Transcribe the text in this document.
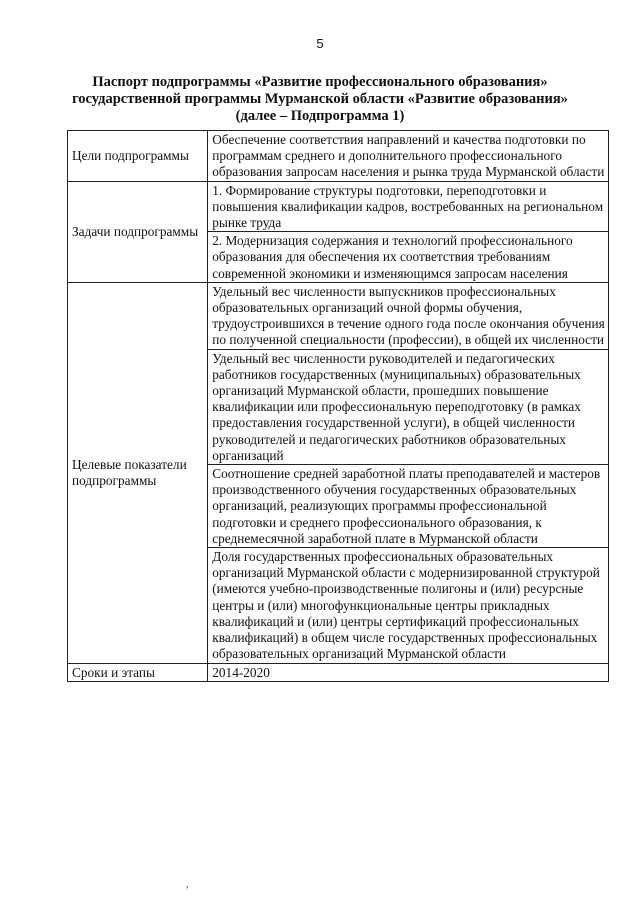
5
Паспорт подпрограммы «Развитие профессионального образования»
государственной программы Мурманской области «Развитие образования»
(далее – Подпрограмма 1)
Цели подпрограммы	Обеспечение соответствия направлений и качества подготовки по программам среднего и дополнительного профессионального образования запросам населения и рынка труда Мурманской области
Задачи подпрограммы	1. Формирование структуры подготовки, переподготовки и повышения квалификации кадров, востребованных на региональном рынке труда
	2. Модернизация содержания и технологий профессионального образования для обеспечения их соответствия требованиям современной экономики и изменяющимся запросам населения
Целевые показатели подпрограммы	Удельный вес численности выпускников профессиональных образовательных организаций очной формы обучения, трудоустроившихся в течение одного года после окончания обучения по полученной специальности (профессии), в общей их численности
	Удельный вес численности руководителей и педагогических работников государственных (муниципальных) образовательных организаций Мурманской области, прошедших повышение квалификации или профессиональную переподготовку (в рамках предоставления государственной услуги), в общей численности руководителей и педагогических работников образовательных организаций
	Соотношение средней заработной платы преподавателей и мастеров производственного обучения государственных образовательных организаций, реализующих программы профессиональной подготовки и среднего профессионального образования, к среднемесячной заработной плате в Мурманской области
	Доля государственных профессиональных образовательных организаций Мурманской области с модернизированной структурой (имеются учебно-производственные полигоны и (или) ресурсные центры и (или) многофункциональные центры прикладных квалификаций и (или) центры сертификаций профессиональных квалификаций) в общем числе государственных профессиональных образовательных организаций Мурманской области
Сроки и этапы	2014-2020
,
